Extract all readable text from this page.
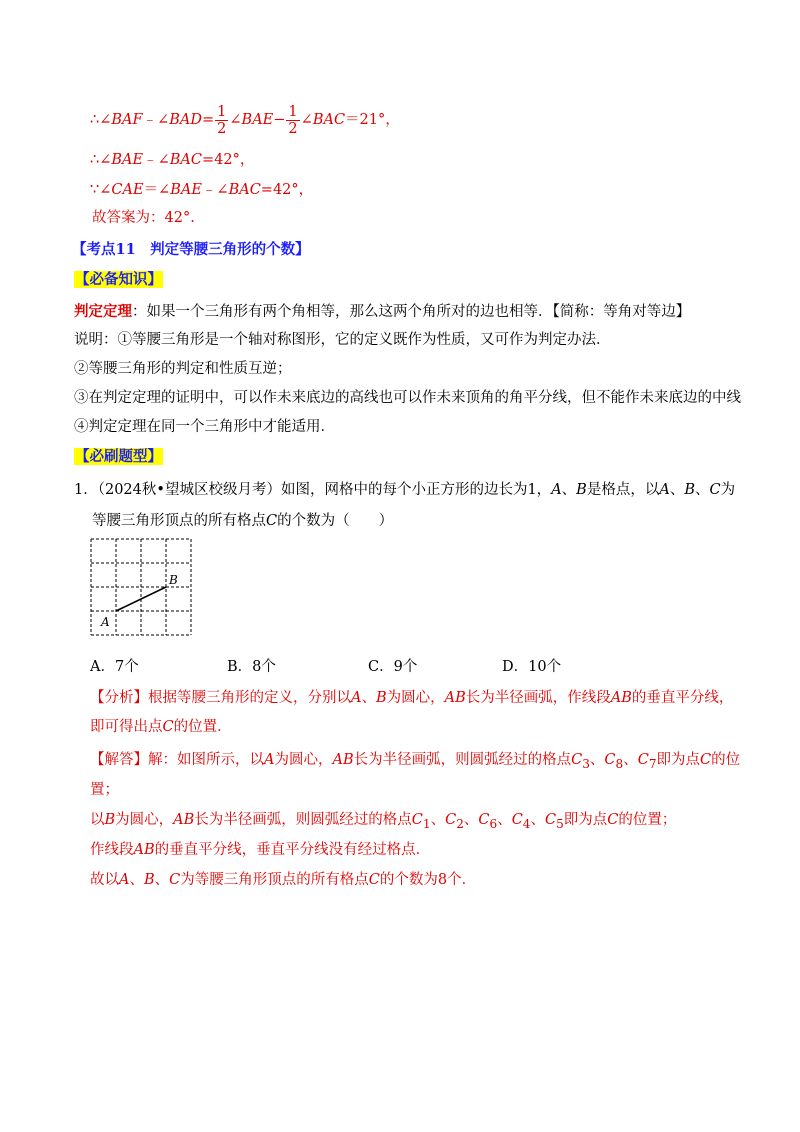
∴∠BAF﹣∠BAD= $\frac{1}{2}$ ∠BAE− $\frac{1}{2}$ ∠BAC＝21°，
∴∠BAE﹣∠BAC=42°，
∵∠CAE＝∠BAE﹣∠BAC=42°，
故答案为：42°.
【考点11　判定等腰三角形的个数】
【必备知识】
判定定理：如果一个三角形有两个角相等，那么这两个角所对的边也相等．【简称：等角对等边】
说明：①等腰三角形是一个轴对称图形，它的定义既作为性质，又可作为判定办法．
②等腰三角形的判定和性质互逆；
③在判定定理的证明中，可以作未来底边的高线也可以作未来顶角的角平分线，但不能作未来底边的中线
④判定定理在同一个三角形中才能适用．
【必刷题型】
1．（2024秋•望城区校级月考）如图，网格中的每个小正方形的边长为1，A、B是格点，以A、B、C为
等腰三角形顶点的所有格点C的个数为（　　）
A
B
A．7个	B．8个	C．9个	D．10个
【分析】根据等腰三角形的定义，分别以A、B为圆心，AB长为半径画弧，作线段AB的垂直平分线，
即可得出点C的位置．
【解答】解：如图所示，以A为圆心，AB长为半径画弧，则圆弧经过的格点$C_3$、$C_8$、$C_7$即为点C的位
置；
以B为圆心，AB长为半径画弧，则圆弧经过的格点$C_1$、$C_2$、$C_6$、$C_4$、$C_5$即为点C的位置；
作线段AB的垂直平分线，垂直平分线没有经过格点．
故以A、B、C为等腰三角形顶点的所有格点C的个数为8个．
